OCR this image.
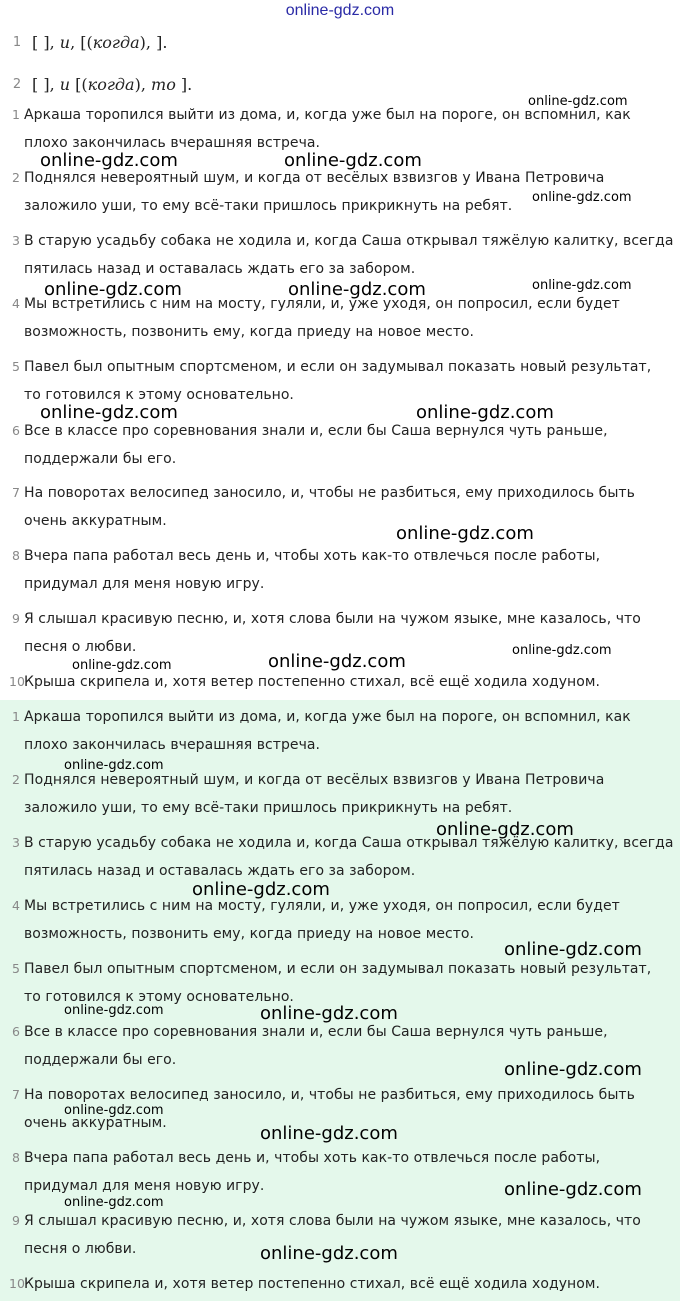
online-gdz.com
1 [ ], и, [(когда), ].
2 [ ], и [(когда), то ].
1 Аркаша торопился выйти из дома, и, когда уже был на пороге, он вспомнил, как
плохо закончилась вчерашняя встреча.
2 Поднялся невероятный шум, и когда от весёлых взвизгов у Ивана Петровича
заложило уши, то ему всё-таки пришлось прикрикнуть на ребят.
3 В старую усадьбу собака не ходила и, когда Саша открывал тяжёлую калитку, всегда
пятилась назад и оставалась ждать его за забором.
4 Мы встретились с ним на мосту, гуляли, и, уже уходя, он попросил, если будет
возможность, позвонить ему, когда приеду на новое место.
5 Павел был опытным спортсменом, и если он задумывал показать новый результат,
то готовился к этому основательно.
6 Все в классе про соревнования знали и, если бы Саша вернулся чуть раньше,
поддержали бы его.
7 На поворотах велосипед заносило, и, чтобы не разбиться, ему приходилось быть
очень аккуратным.
8 Вчера папа работал весь день и, чтобы хоть как-то отвлечься после работы,
придумал для меня новую игру.
9 Я слышал красивую песню, и, хотя слова были на чужом языке, мне казалось, что
песня о любви.
10 Крыша скрипела и, хотя ветер постепенно стихал, всё ещё ходила ходуном.
1 Аркаша торопился выйти из дома, и, когда уже был на пороге, он вспомнил, как
плохо закончилась вчерашняя встреча.
2 Поднялся невероятный шум, и когда от весёлых взвизгов у Ивана Петровича
заложило уши, то ему всё-таки пришлось прикрикнуть на ребят.
3 В старую усадьбу собака не ходила и, когда Саша открывал тяжёлую калитку, всегда
пятилась назад и оставалась ждать его за забором.
4 Мы встретились с ним на мосту, гуляли, и, уже уходя, он попросил, если будет
возможность, позвонить ему, когда приеду на новое место.
5 Павел был опытным спортсменом, и если он задумывал показать новый результат,
то готовился к этому основательно.
6 Все в классе про соревнования знали и, если бы Саша вернулся чуть раньше,
поддержали бы его.
7 На поворотах велосипед заносило, и, чтобы не разбиться, ему приходилось быть
очень аккуратным.
8 Вчера папа работал весь день и, чтобы хоть как-то отвлечься после работы,
придумал для меня новую игру.
9 Я слышал красивую песню, и, хотя слова были на чужом языке, мне казалось, что
песня о любви.
10 Крыша скрипела и, хотя ветер постепенно стихал, всё ещё ходила ходуном.
online-gdz.com
online-gdz.com	online-gdz.com
online-gdz.com
online-gdz.com	online-gdz.com	online-gdz.com
online-gdz.com	online-gdz.com
online-gdz.com
online-gdz.com
online-gdz.com
online-gdz.com
online-gdz.com
online-gdz.com
online-gdz.com
online-gdz.com
online-gdz.com	online-gdz.com
online-gdz.com
online-gdz.com
online-gdz.com
online-gdz.com
online-gdz.com
online-gdz.com
